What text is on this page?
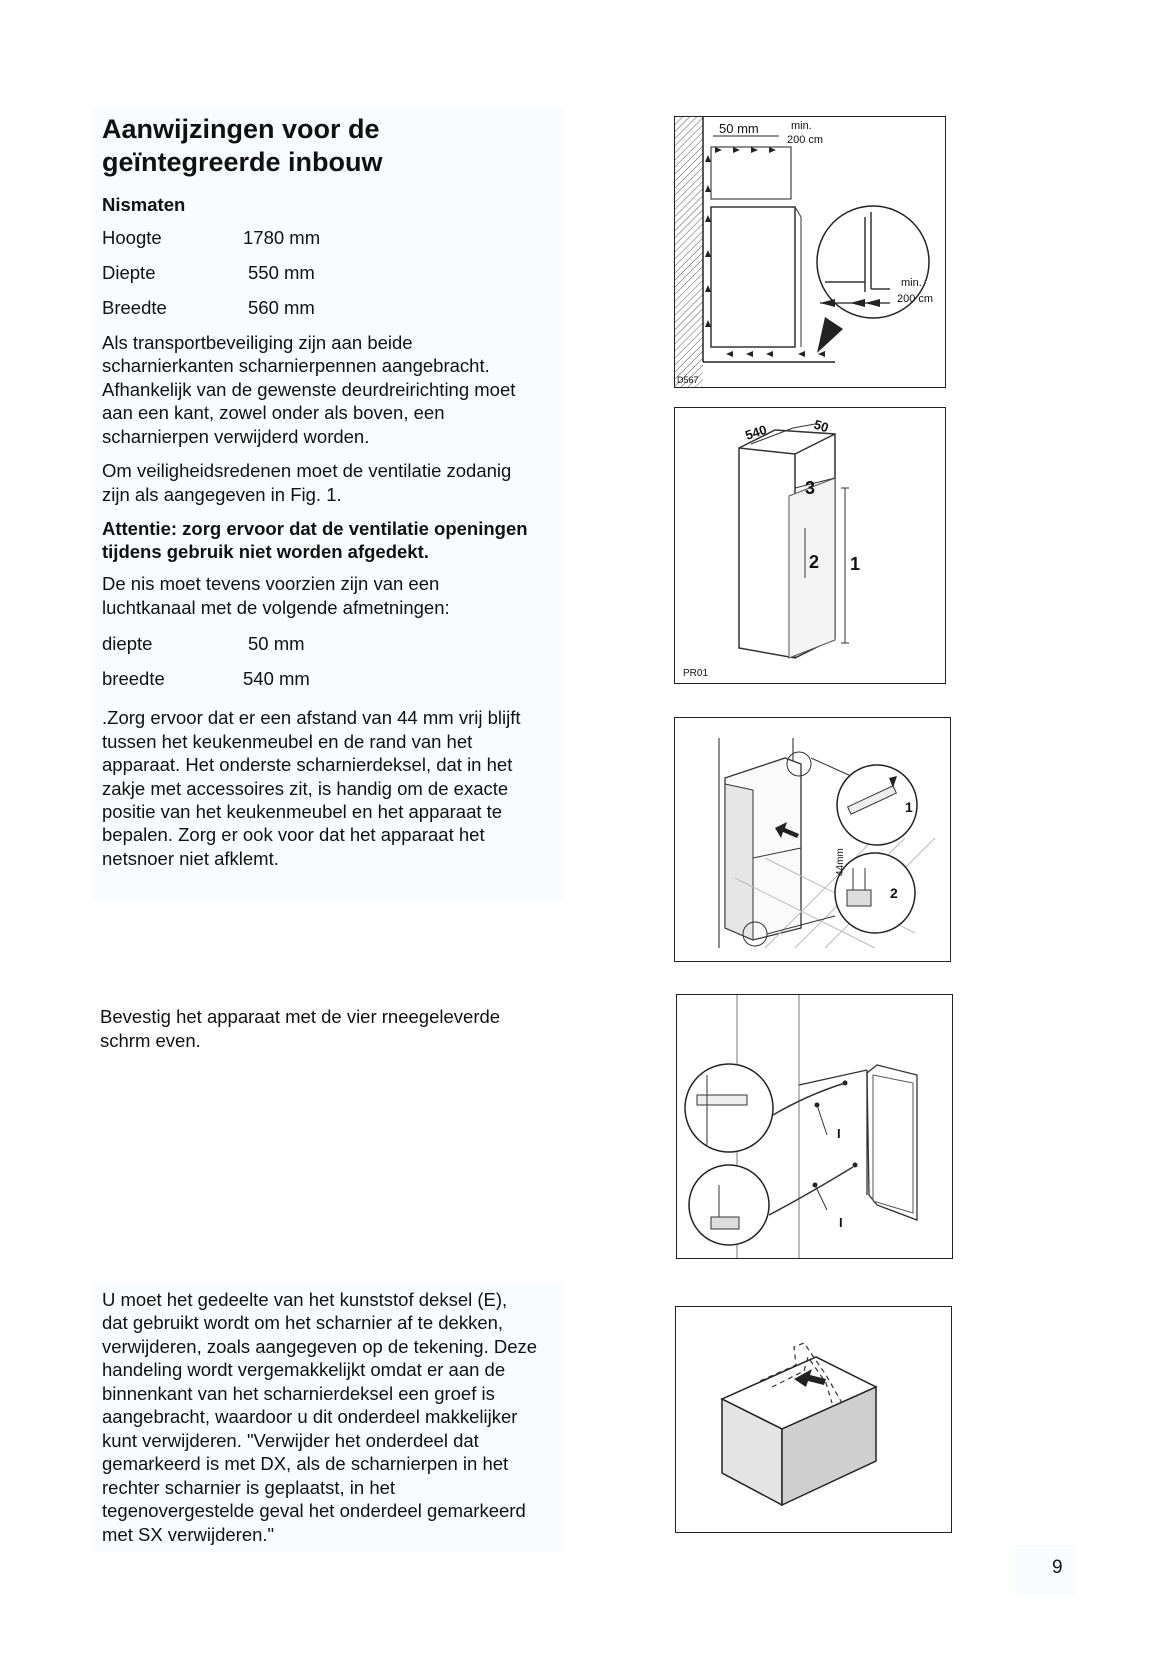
Aanwijzingen voor de
geïntegreerde inbouw
Nismaten
Hoogte	1780 mm
Diepte	550 mm
Breedte	560 mm
Als transportbeveiliging zijn aan beide
scharnierkanten scharnierpennen aangebracht.
Afhankelijk van de gewenste deurdreirichting moet
aan een kant, zowel onder als boven, een
scharnierpen verwijderd worden.
Om veiligheidsredenen moet de ventilatie zodanig
zijn als aangegeven in Fig. 1.
Attentie: zorg ervoor dat de ventilatie openingen
tijdens gebruik niet worden afgedekt.
De nis moet tevens voorzien zijn van een
luchtkanaal met de volgende afmetningen:
diepte	50 mm
breedte	540 mm
.Zorg ervoor dat er een afstand van 44 mm vrij blijft
tussen het keukenmeubel en de rand van het
apparaat. Het onderste scharnierdeksel, dat in het
zakje met accessoires zit, is handig om de exacte
positie van het keukenmeubel en het apparaat te
bepalen. Zorg er ook voor dat het apparaat het
netsnoer niet afklemt.
Bevestig het apparaat met de vier rneegeleverde
schrm even.
U moet het gedeelte van het kunststof deksel (E),
dat gebruikt wordt om het scharnier af te dekken,
verwijderen, zoals aangegeven op de tekening. Deze
handeling wordt vergemakkelijkt omdat er aan de
binnenkant van het scharnierdeksel een groef is
aangebracht, waardoor u dit onderdeel makkelijker
kunt verwijderen. "Verwijder het onderdeel dat
gemarkeerd is met DX, als de scharnierpen in het
rechter scharnier is geplaatst, in het
tegenovergestelde geval het onderdeel gemarkeerd
met SX verwijderen."
50 mm	min.
200 cm
min.
200 cm
D567
540	50
3
2 1
PR01
1
2
44mm
I
I
9
